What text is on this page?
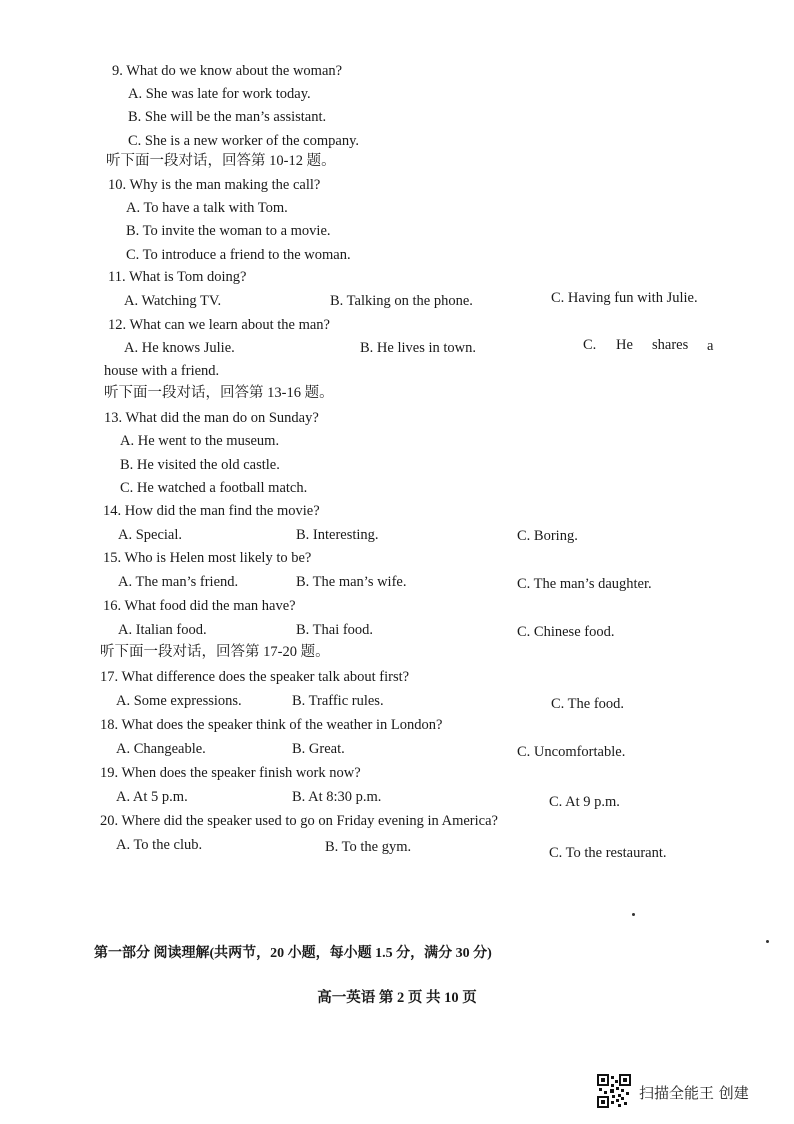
9. What do we know about the woman?
A. She was late for work today.
B. She will be the man’s assistant.
C. She is a new worker of the company.
听下面一段对话，回答第 10-12 题。
10. Why is the man making the call?
A. To have a talk with Tom.
B. To invite the woman to a movie.
C. To introduce a friend to the woman.
11. What is Tom doing?
A. Watching TV.	B. Talking on the phone.	C. Having fun with Julie.
12. What can we learn about the man?
A. He knows Julie.	B. He lives in town.	C. He shares a
house with a friend.
听下面一段对话，回答第 13-16 题。
13. What did the man do on Sunday?
A. He went to the museum.
B. He visited the old castle.
C. He watched a football match.
14. How did the man find the movie?
A. Special.	B. Interesting.	C. Boring.
15. Who is Helen most likely to be?
A. The man’s friend.	B. The man’s wife.	C. The man’s daughter.
16. What food did the man have?
A. Italian food.	B. Thai food.	C. Chinese food.
听下面一段对话，回答第 17-20 题。
17. What difference does the speaker talk about first?
A. Some expressions.	B. Traffic rules.	C. The food.
18. What does the speaker think of the weather in London?
A. Changeable.	B. Great.	C. Uncomfortable.
19. When does the speaker finish work now?
A. At 5 p.m.	B. At 8:30 p.m.	C. At 9 p.m.
20. Where did the speaker used to go on Friday evening in America?
A. To the club.	B. To the gym.	C. To the restaurant.
第一部分 阅读理解(共两节，20 小题，每小题 1.5 分，满分 30 分)
高一英语 第 2 页 共 10 页
扫描全能王 创建
